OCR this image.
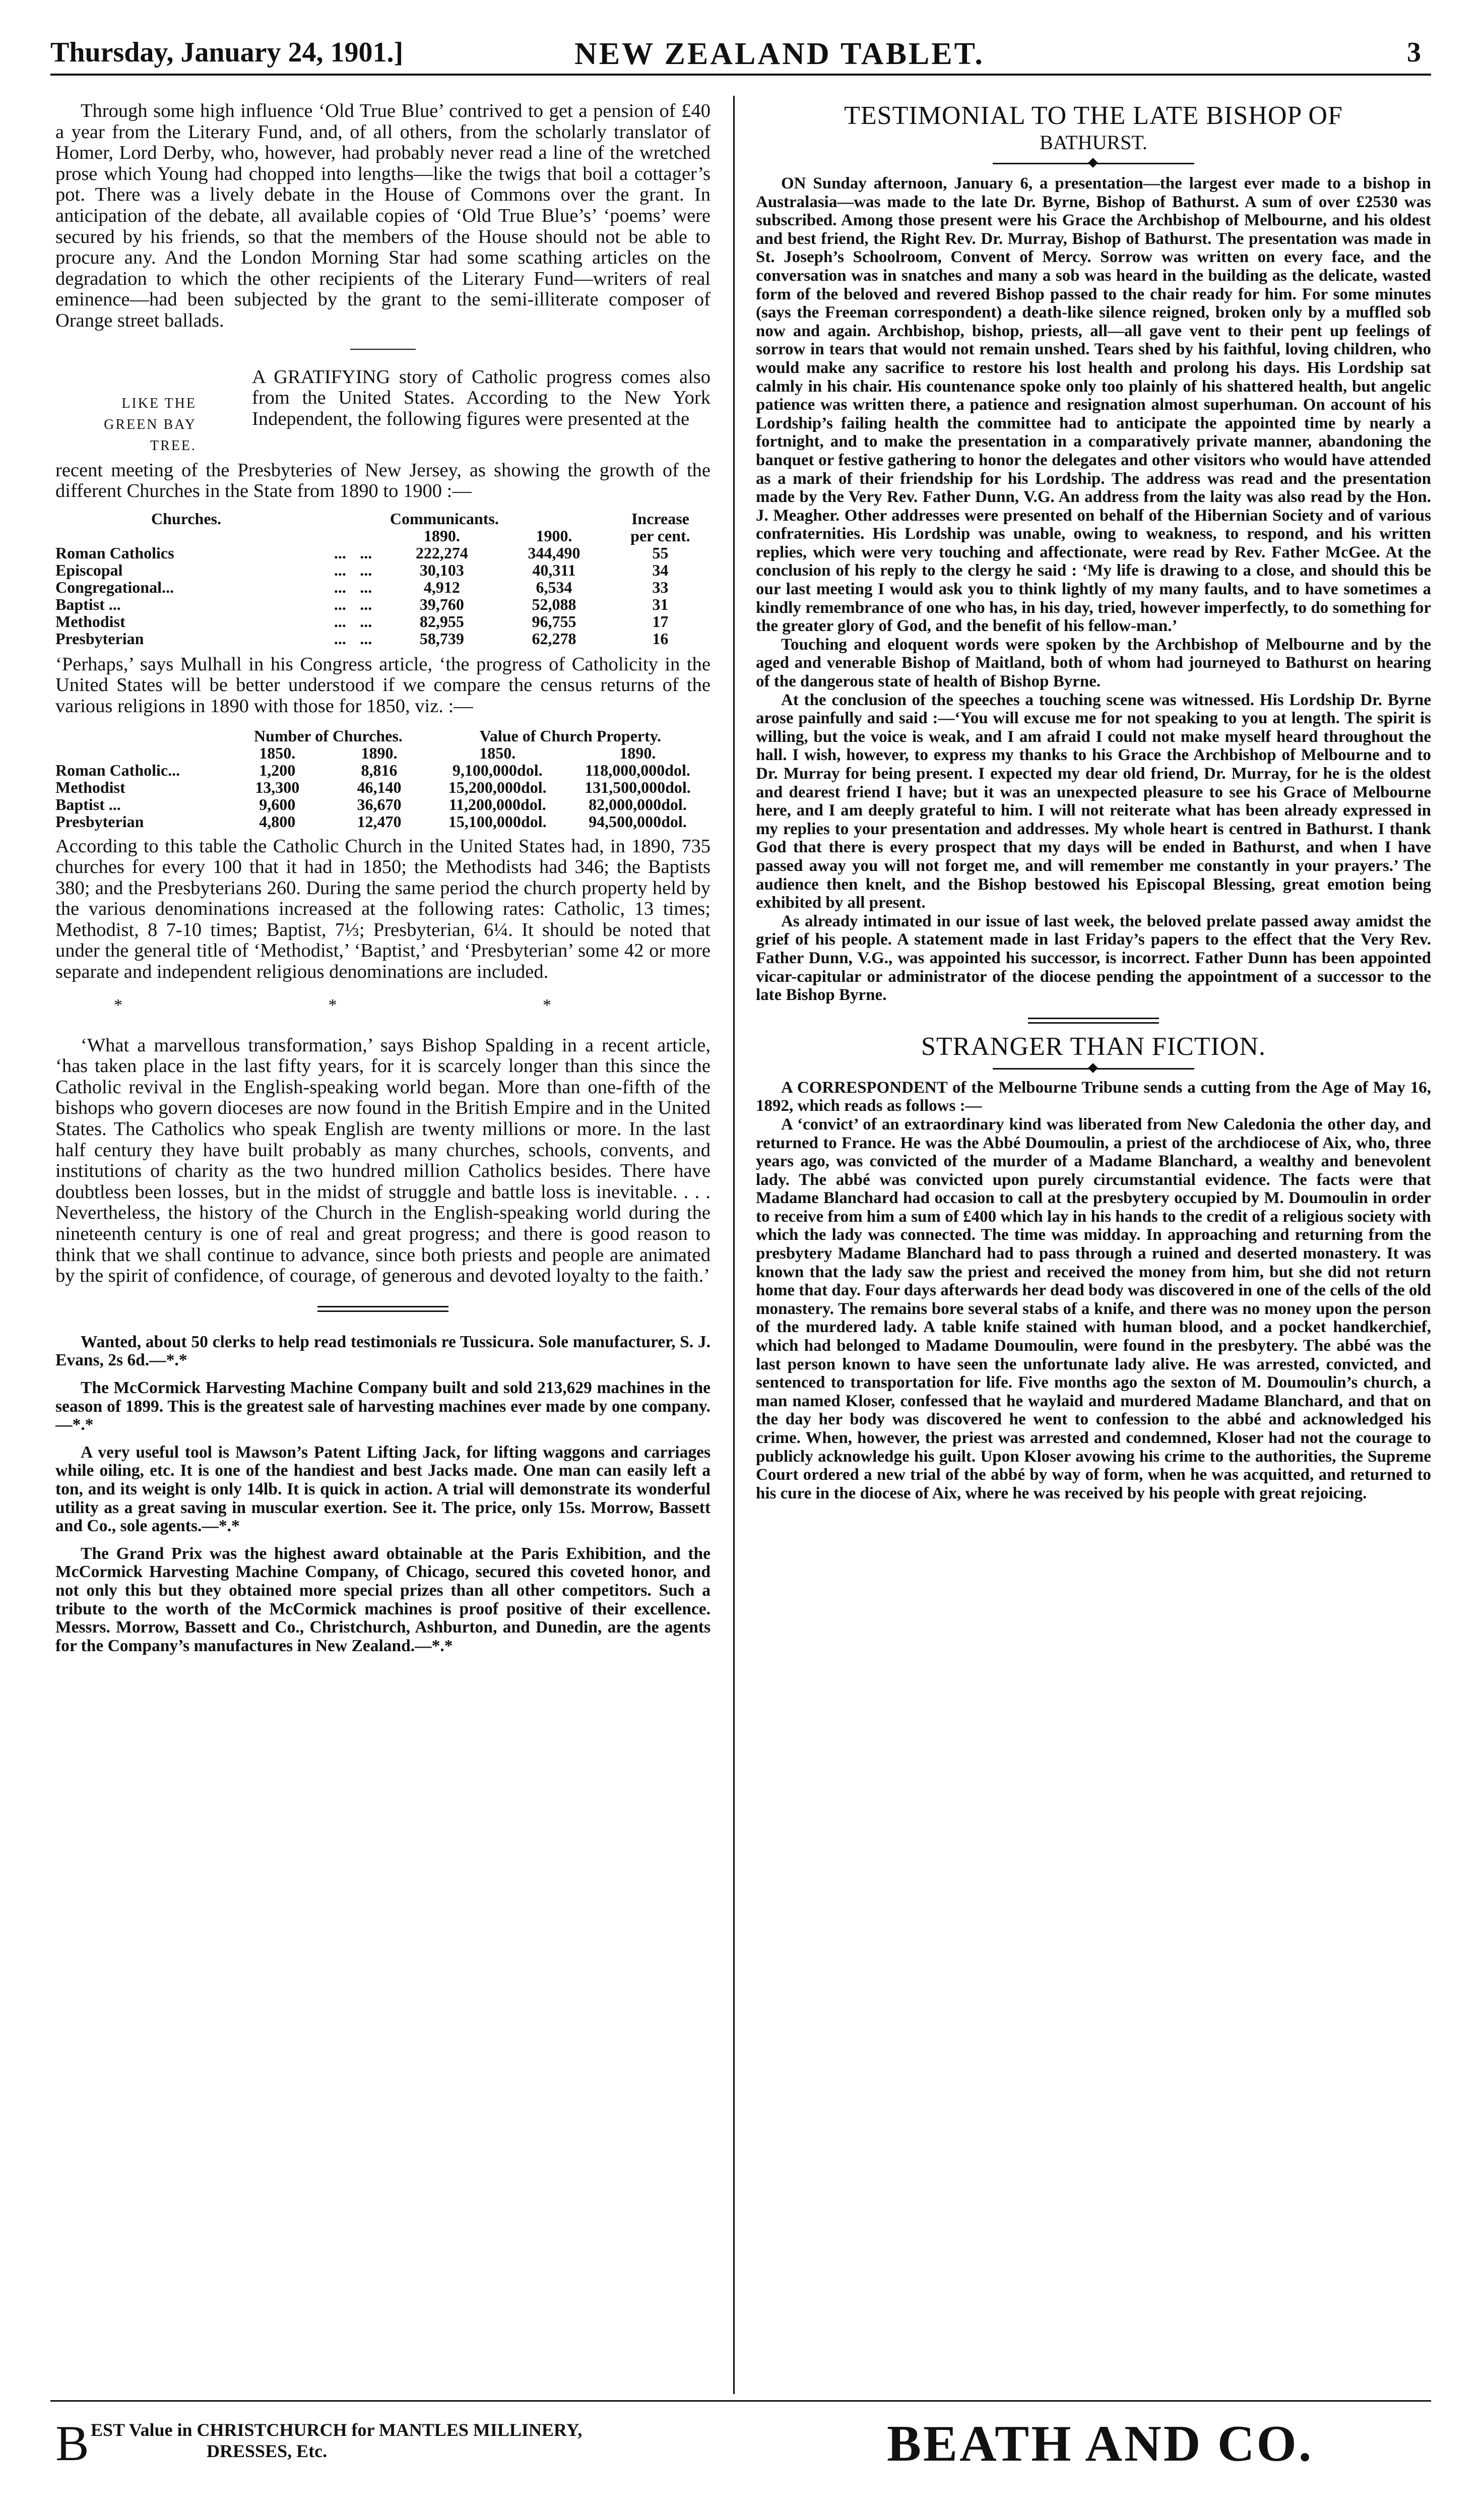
Thursday, January 24, 1901.]	NEW ZEALAND TABLET.	3

Through some high influence ‘Old True Blue’ contrived to get a pension of £40 a year from the Literary Fund, and, of all others, from the scholarly translator of Homer, Lord Derby, who, however, had probably never read a line of the wretched prose which Young had chopped into lengths—like the twigs that boil a cottager’s pot. There was a lively debate in the House of Commons over the grant. In anticipation of the debate, all available copies of ‘Old True Blue’s’ ‘poems’ were secured by his friends, so that the members of the House should not be able to procure any. And the London Morning Star had some scathing articles on the degradation to which the other recipients of the Literary Fund—writers of real eminence—had been subjected by the grant to the semi-illiterate composer of Orange street ballads.

LIKE THE
GREEN BAY TREE.

A GRATIFYING story of Catholic progress comes also from the United States. According to the New York Independent, the following figures were presented at the

recent meeting of the Presbyteries of New Jersey, as showing the growth of the different Churches in the State from 1890 to 1900 :—

Churches.	Communicants.				Increase
			1890.	1900.	per cent.
Roman Catholics	...	...	222,274	344,490	55
Episcopal	...	...	30,103	40,311	34
Congregational...	...	...	4,912	6,534	33
Baptist ...	...	...	39,760	52,088	31
Methodist	...	...	82,955	96,755	17
Presbyterian	...	...	58,739	62,278	16

‘Perhaps,’ says Mulhall in his Congress article, ‘the progress of Catholicity in the United States will be better understood if we compare the census returns of the various religions in 1890 with those for 1850, viz. :—

	Number of Churches.		Value of Church Property.	
	1850.	1890.	1850.	1890.
Roman Catholic...	1,200	8,816	9,100,000dol.	118,000,000dol.
Methodist	13,300	46,140	15,200,000dol.	131,500,000dol.
Baptist ...	9,600	36,670	11,200,000dol.	82,000,000dol.
Presbyterian	4,800	12,470	15,100,000dol.	94,500,000dol.

According to this table the Catholic Church in the United States had, in 1890, 735 churches for every 100 that it had in 1850; the Methodists had 346; the Baptists 380; and the Presbyterians 260. During the same period the church property held by the various denominations increased at the following rates: Catholic, 13 times; Methodist, 8 7-10 times; Baptist, 7⅓; Presbyterian, 6¼. It should be noted that under the general title of ‘Methodist,’ ‘Baptist,’ and ‘Presbyterian’ some 42 or more separate and independent religious denominations are included.

* * *

‘What a marvellous transformation,’ says Bishop Spalding in a recent article, ‘has taken place in the last fifty years, for it is scarcely longer than this since the Catholic revival in the English-speaking world began. More than one-fifth of the bishops who govern dioceses are now found in the British Empire and in the United States. The Catholics who speak English are twenty millions or more. In the last half century they have built probably as many churches, schools, convents, and institutions of charity as the two hundred million Catholics besides. There have doubtless been losses, but in the midst of struggle and battle loss is inevitable. . . . Nevertheless, the history of the Church in the English-speaking world during the nineteenth century is one of real and great progress; and there is good reason to think that we shall continue to advance, since both priests and people are animated by the spirit of confidence, of courage, of generous and devoted loyalty to the faith.’

Wanted, about 50 clerks to help read testimonials re Tussicura. Sole manufacturer, S. J. Evans, 2s 6d.—*.*

The McCormick Harvesting Machine Company built and sold 213,629 machines in the season of 1899. This is the greatest sale of harvesting machines ever made by one company.—*.*

A very useful tool is Mawson’s Patent Lifting Jack, for lifting waggons and carriages while oiling, etc. It is one of the handiest and best Jacks made. One man can easily left a ton, and its weight is only 14lb. It is quick in action. A trial will demonstrate its wonderful utility as a great saving in muscular exertion. See it. The price, only 15s. Morrow, Bassett and Co., sole agents.—*.*

The Grand Prix was the highest award obtainable at the Paris Exhibition, and the McCormick Harvesting Machine Company, of Chicago, secured this coveted honor, and not only this but they obtained more special prizes than all other competitors. Such a tribute to the worth of the McCormick machines is proof positive of their excellence. Messrs. Morrow, Bassett and Co., Christchurch, Ashburton, and Dunedin, are the agents for the Company’s manufactures in New Zealand.—*.*

TESTIMONIAL TO THE LATE BISHOP OF
BATHURST.

ON Sunday afternoon, January 6, a presentation—the largest ever made to a bishop in Australasia—was made to the late Dr. Byrne, Bishop of Bathurst. A sum of over £2530 was subscribed. Among those present were his Grace the Archbishop of Melbourne, and his oldest and best friend, the Right Rev. Dr. Murray, Bishop of Bathurst. The presentation was made in St. Joseph’s Schoolroom, Convent of Mercy. Sorrow was written on every face, and the conversation was in snatches and many a sob was heard in the building as the delicate, wasted form of the beloved and revered Bishop passed to the chair ready for him. For some minutes (says the Freeman correspondent) a death-like silence reigned, broken only by a muffled sob now and again. Archbishop, bishop, priests, all—all gave vent to their pent up feelings of sorrow in tears that would not remain unshed. Tears shed by his faithful, loving children, who would make any sacrifice to restore his lost health and prolong his days. His Lordship sat calmly in his chair. His countenance spoke only too plainly of his shattered health, but angelic patience was written there, a patience and resignation almost superhuman. On account of his Lordship’s failing health the committee had to anticipate the appointed time by nearly a fortnight, and to make the presentation in a comparatively private manner, abandoning the banquet or festive gathering to honor the delegates and other visitors who would have attended as a mark of their friendship for his Lordship. The address was read and the presentation made by the Very Rev. Father Dunn, V.G. An address from the laity was also read by the Hon. J. Meagher. Other addresses were presented on behalf of the Hibernian Society and of various confraternities. His Lordship was unable, owing to weakness, to respond, and his written replies, which were very touching and affectionate, were read by Rev. Father McGee. At the conclusion of his reply to the clergy he said : ‘My life is drawing to a close, and should this be our last meeting I would ask you to think lightly of my many faults, and to have sometimes a kindly remembrance of one who has, in his day, tried, however imperfectly, to do something for the greater glory of God, and the benefit of his fellow-man.’

Touching and eloquent words were spoken by the Archbishop of Melbourne and by the aged and venerable Bishop of Maitland, both of whom had journeyed to Bathurst on hearing of the dangerous state of health of Bishop Byrne.

At the conclusion of the speeches a touching scene was witnessed. His Lordship Dr. Byrne arose painfully and said :—‘You will excuse me for not speaking to you at length. The spirit is willing, but the voice is weak, and I am afraid I could not make myself heard throughout the hall. I wish, however, to express my thanks to his Grace the Archbishop of Melbourne and to Dr. Murray for being present. I expected my dear old friend, Dr. Murray, for he is the oldest and dearest friend I have; but it was an unexpected pleasure to see his Grace of Melbourne here, and I am deeply grateful to him. I will not reiterate what has been already expressed in my replies to your presentation and addresses. My whole heart is centred in Bathurst. I thank God that there is every prospect that my days will be ended in Bathurst, and when I have passed away you will not forget me, and will remember me constantly in your prayers.’ The audience then knelt, and the Bishop bestowed his Episcopal Blessing, great emotion being exhibited by all present.

As already intimated in our issue of last week, the beloved prelate passed away amidst the grief of his people. A statement made in last Friday’s papers to the effect that the Very Rev. Father Dunn, V.G., was appointed his successor, is incorrect. Father Dunn has been appointed vicar-capitular or administrator of the diocese pending the appointment of a successor to the late Bishop Byrne.

STRANGER THAN FICTION.

A CORRESPONDENT of the Melbourne Tribune sends a cutting from the Age of May 16, 1892, which reads as follows :—

A ‘convict’ of an extraordinary kind was liberated from New Caledonia the other day, and returned to France. He was the Abbé Doumoulin, a priest of the archdiocese of Aix, who, three years ago, was convicted of the murder of a Madame Blanchard, a wealthy and benevolent lady. The abbé was convicted upon purely circumstantial evidence. The facts were that Madame Blanchard had occasion to call at the presbytery occupied by M. Doumoulin in order to receive from him a sum of £400 which lay in his hands to the credit of a religious society with which the lady was connected. The time was midday. In approaching and returning from the presbytery Madame Blanchard had to pass through a ruined and deserted monastery. It was known that the lady saw the priest and received the money from him, but she did not return home that day. Four days afterwards her dead body was discovered in one of the cells of the old monastery. The remains bore several stabs of a knife, and there was no money upon the person of the murdered lady. A table knife stained with human blood, and a pocket handkerchief, which had belonged to Madame Doumoulin, were found in the presbytery. The abbé was the last person known to have seen the unfortunate lady alive. He was arrested, convicted, and sentenced to transportation for life. Five months ago the sexton of M. Doumoulin’s church, a man named Kloser, confessed that he waylaid and murdered Madame Blanchard, and that on the day her body was discovered he went to confession to the abbé and acknowledged his crime. When, however, the priest was arrested and condemned, Kloser had not the courage to publicly acknowledge his guilt. Upon Kloser avowing his crime to the authorities, the Supreme Court ordered a new trial of the abbé by way of form, when he was acquitted, and returned to his cure in the diocese of Aix, where he was received by his people with great rejoicing.

B EST Value in CHRISTCHURCH for MANTLES MILLINERY,
DRESSES, Etc.	BEATH AND CO.
